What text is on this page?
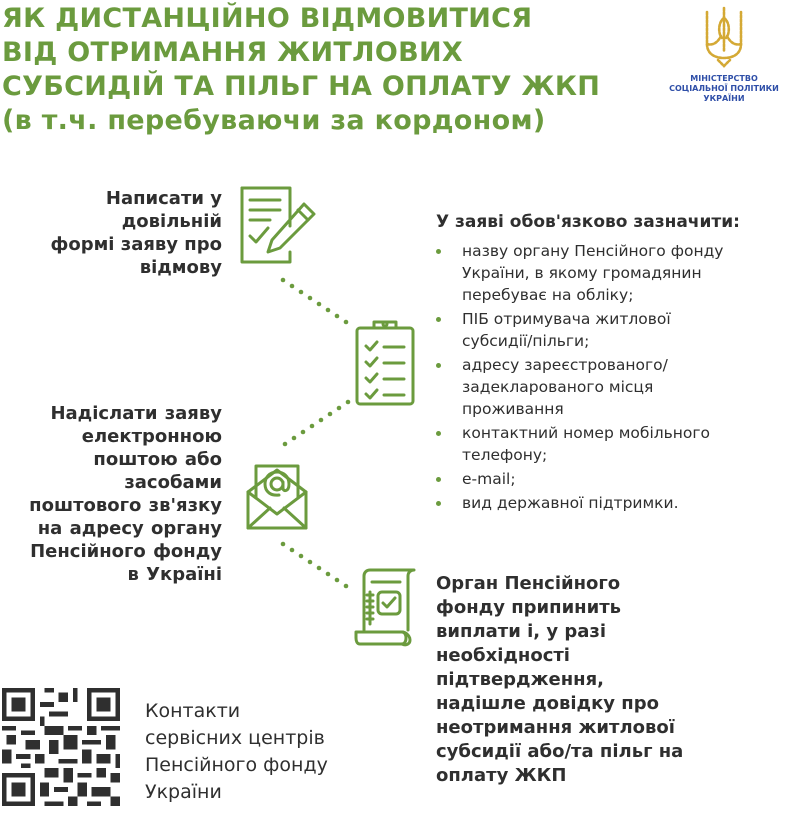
ЯК ДИСТАНЦІЙНО ВІДМОВИТИСЯ
ВІД ОТРИМАННЯ ЖИТЛОВИХ
СУБСИДІЙ ТА ПІЛЬГ НА ОПЛАТУ ЖКП
(в т.ч. перебуваючи за кордоном)
МІНІСТЕРСТВО
СОЦІАЛЬНОЇ ПОЛІТИКИ
УКРАЇНИ

Написати у
довільній
формі заяву про
відмову

Надіслати заяву
електронною
поштою або
засобами
поштового зв'язку
на адресу органу
Пенсійного фонду
в Україні

У заяві обов'язково зазначити:

назву органу Пенсійного фонду
України, в якому громадянин
перебуває на обліку;
ПІБ отримувача житлової
субсидії/пільги;
адресу зареєстрованого/
задекларованого місця
проживання
контактний номер мобільного
телефону;
e-mail;
вид державної підтримки.

Орган Пенсійного
фонду припинить
виплати і, у разі
необхідності
підтвердження,
надішле довідку про
неотримання житлової
субсидії або/та пільг на
оплату ЖКП

Контакти
сервісних центрів
Пенсійного фонду
України
